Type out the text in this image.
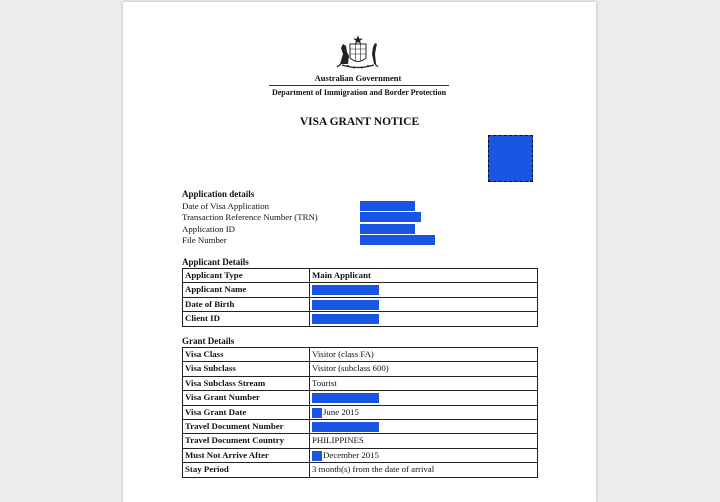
Australian Government
Department of Immigration and Border Protection
VISA GRANT NOTICE
Application details
Date of Visa Application
Transaction Reference Number (TRN)
Application ID
File Number
Applicant Details
Applicant Type	Main Applicant
Applicant Name	
Date of Birth	
Client ID	
Grant Details
Visa Class	Visitor (class FA)
Visa Subclass	Visitor (subclass 600)
Visa Subclass Stream	Tourist
Visa Grant Number	
Visa Grant Date	June 2015
Travel Document Number	
Travel Document Country	PHILIPPINES
Must Not Arrive After	December 2015
Stay Period	3 month(s) from the date of arrival
